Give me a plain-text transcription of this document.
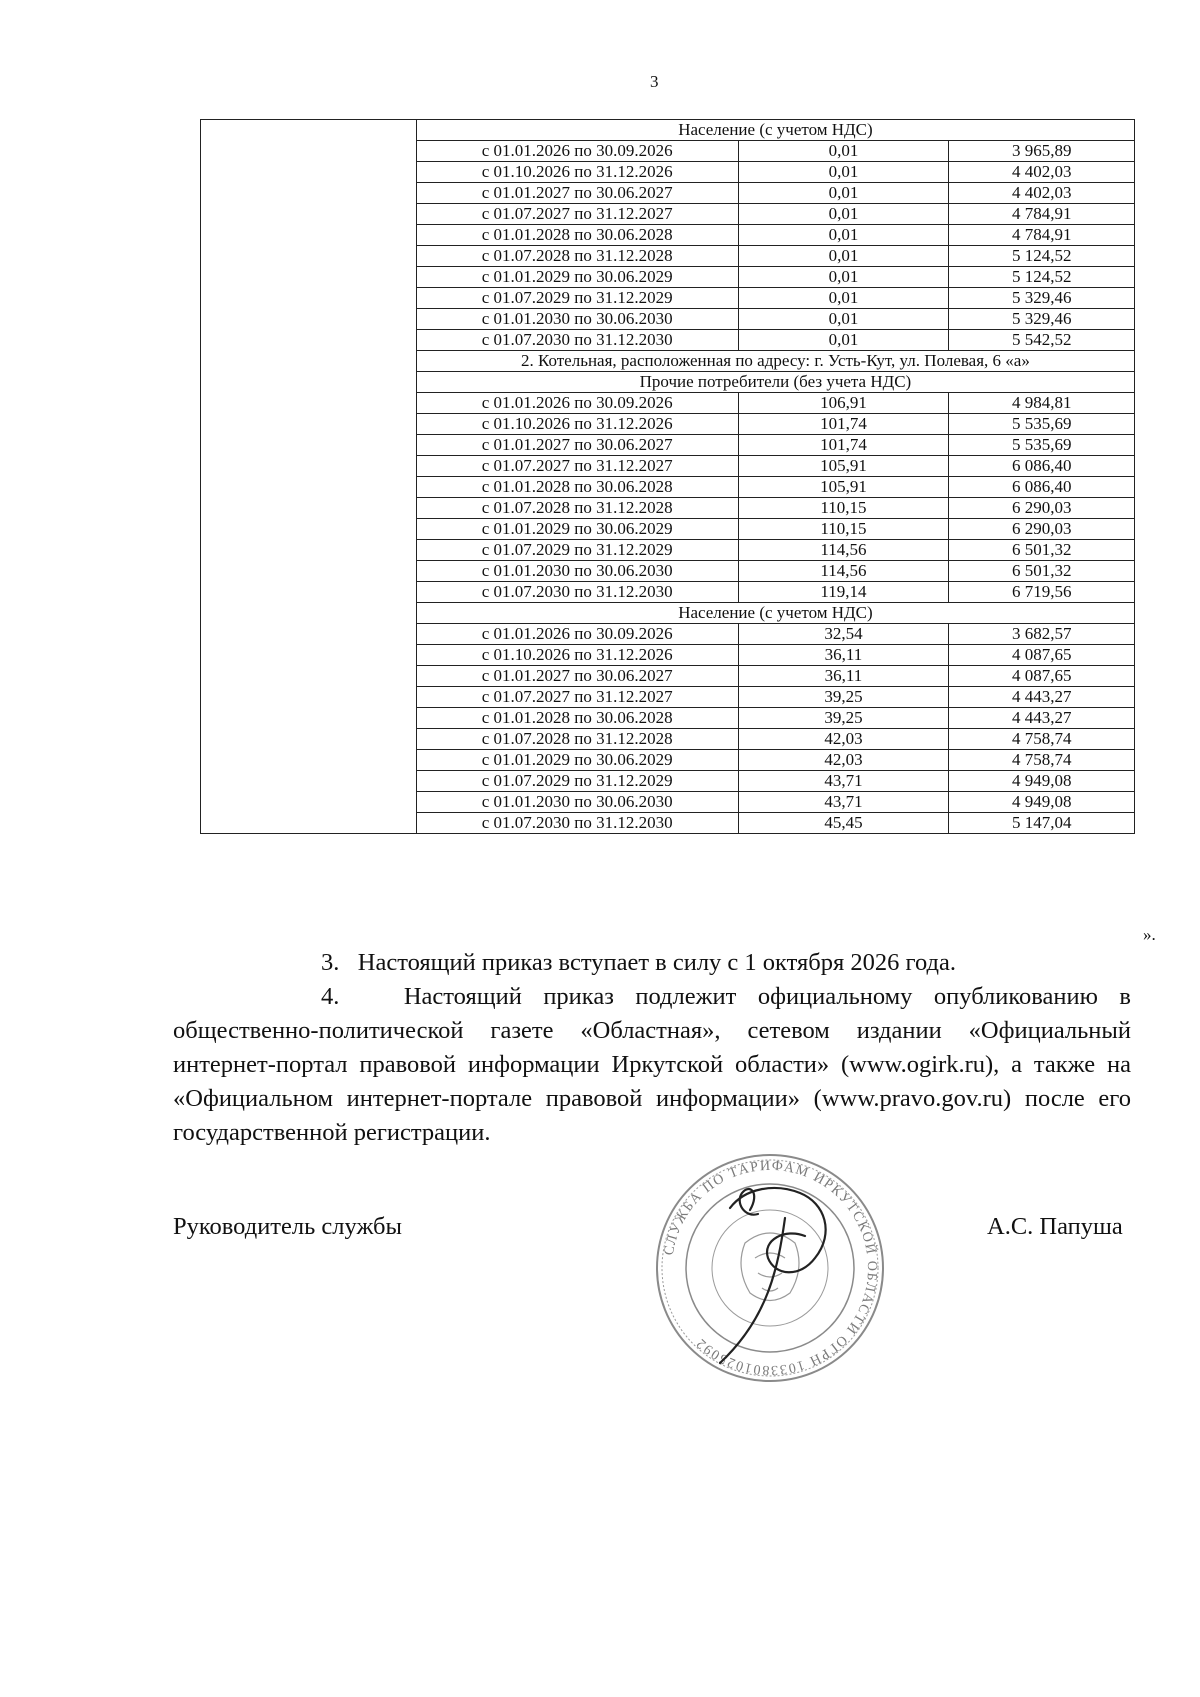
3
	Население (с учетом НДС)		
	с 01.01.2026 по 30.09.2026	0,01	3 965,89
	с 01.10.2026 по 31.12.2026	0,01	4 402,03
	с 01.01.2027 по 30.06.2027	0,01	4 402,03
	с 01.07.2027 по 31.12.2027	0,01	4 784,91
	с 01.01.2028 по 30.06.2028	0,01	4 784,91
	с 01.07.2028 по 31.12.2028	0,01	5 124,52
	с 01.01.2029 по 30.06.2029	0,01	5 124,52
	с 01.07.2029 по 31.12.2029	0,01	5 329,46
	с 01.01.2030 по 30.06.2030	0,01	5 329,46
	с 01.07.2030 по 31.12.2030	0,01	5 542,52
	2. Котельная, расположенная по адресу: г. Усть-Кут, ул. Полевая, 6 «а»		
	Прочие потребители (без учета НДС)		
	с 01.01.2026 по 30.09.2026	106,91	4 984,81
	с 01.10.2026 по 31.12.2026	101,74	5 535,69
	с 01.01.2027 по 30.06.2027	101,74	5 535,69
	с 01.07.2027 по 31.12.2027	105,91	6 086,40
	с 01.01.2028 по 30.06.2028	105,91	6 086,40
	с 01.07.2028 по 31.12.2028	110,15	6 290,03
	с 01.01.2029 по 30.06.2029	110,15	6 290,03
	с 01.07.2029 по 31.12.2029	114,56	6 501,32
	с 01.01.2030 по 30.06.2030	114,56	6 501,32
	с 01.07.2030 по 31.12.2030	119,14	6 719,56
	Население (с учетом НДС)		
	с 01.01.2026 по 30.09.2026	32,54	3 682,57
	с 01.10.2026 по 31.12.2026	36,11	4 087,65
	с 01.01.2027 по 30.06.2027	36,11	4 087,65
	с 01.07.2027 по 31.12.2027	39,25	4 443,27
	с 01.01.2028 по 30.06.2028	39,25	4 443,27
	с 01.07.2028 по 31.12.2028	42,03	4 758,74
	с 01.01.2029 по 30.06.2029	42,03	4 758,74
	с 01.07.2029 по 31.12.2029	43,71	4 949,08
	с 01.01.2030 по 30.06.2030	43,71	4 949,08
	с 01.07.2030 по 31.12.2030	45,45	5 147,04
».
3. Настоящий приказ вступает в силу с 1 октября 2026 года.
4.	Настоящий приказ подлежит официальному опубликованию в общественно-политической газете «Областная», сетевом издании «Официальный интернет-портал правовой информации Иркутской области» (www.ogirk.ru), а также на «Официальном интернет-портале правовой информации» (www.pravo.gov.ru) после его государственной регистрации.
Руководитель службы
СЛУЖБА ПО ТАРИФАМ ИРКУТСКОЙ ОБЛАСТИ ОГРН 1033801025092
А.С. Папуша
